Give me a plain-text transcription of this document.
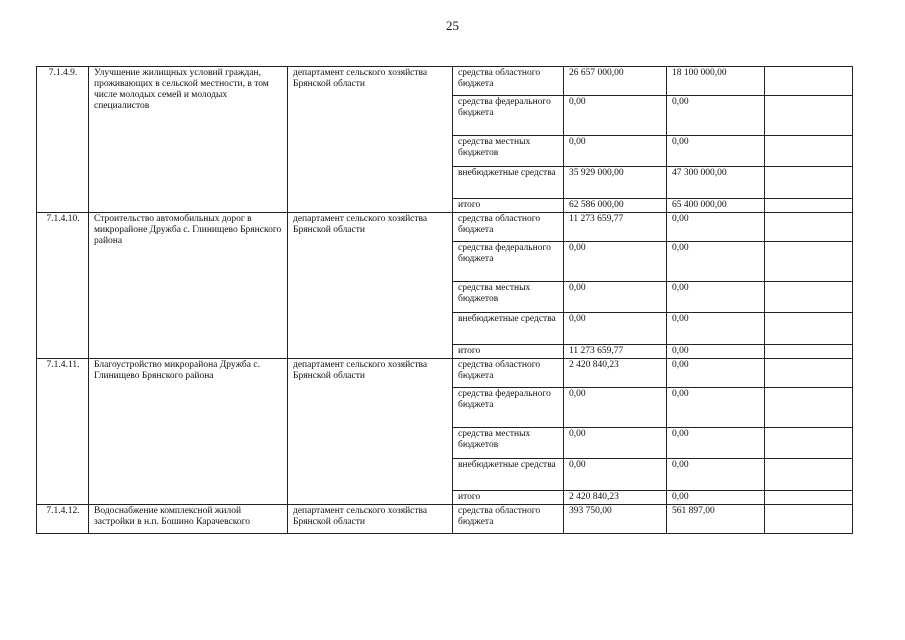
25
7.1.4.9.	Улучшение жилищных условий граждан, проживающих в сельской местности, в том числе молодых семей и молодых специалистов	департамент сельского хозяйства Брянской области	средства областного бюджета	26 657 000,00	18 100 000,00	
			средства федерального бюджета	0,00	0,00	
			средства местных бюджетов	0,00	0,00	
			внебюджетные средства	35 929 000,00	47 300 000,00	
			итого	62 586 000,00	65 400 000,00	
7.1.4.10.	Строительство автомобильных дорог в микрорайоне Дружба с. Глинищево Брянского района	департамент сельского хозяйства Брянской области	средства областного бюджета	11 273 659,77	0,00	
			средства федерального бюджета	0,00	0,00	
			средства местных бюджетов	0,00	0,00	
			внебюджетные средства	0,00	0,00	
			итого	11 273 659,77	0,00	
7.1.4.11.	Благоустройство микрорайона Дружба с. Глинищево Брянского района	департамент сельского хозяйства Брянской области	средства областного бюджета	2 420 840,23	0,00	
			средства федерального бюджета	0,00	0,00	
			средства местных бюджетов	0,00	0,00	
			внебюджетные средства	0,00	0,00	
			итого	2 420 840,23	0,00	
7.1.4.12.	Водоснабжение комплексной жилой застройки в н.п. Бошино Карачевского	департамент сельского хозяйства Брянской области	средства областного бюджета	393 750,00	561 897,00	
